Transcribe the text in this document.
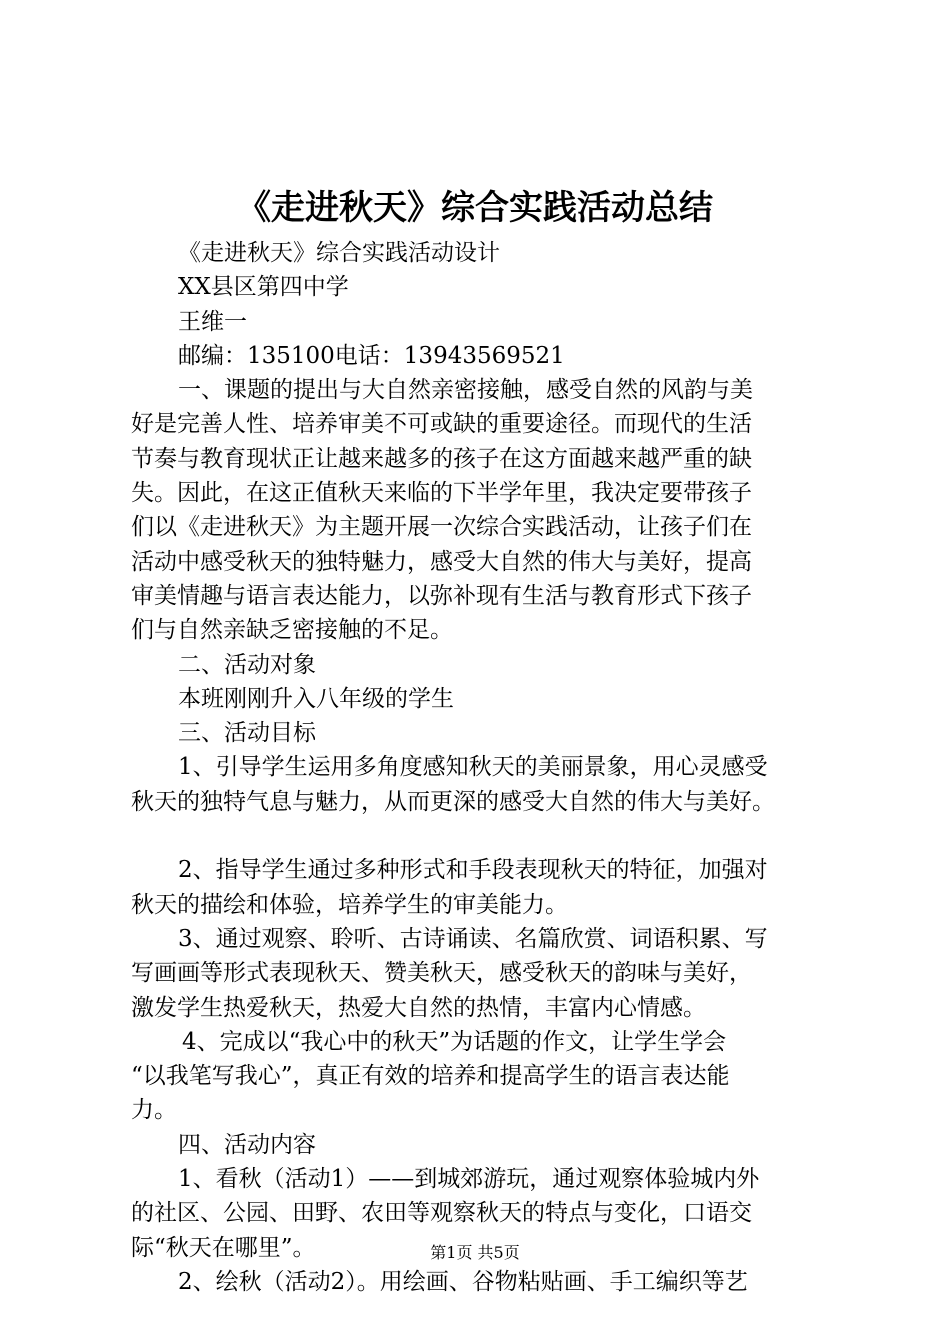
《走进秋天》综合实践活动总结
《走进秋天》综合实践活动设计
XX县区第四中学
王维一
邮编：135100电话：13943569521
一、课题的提出与大自然亲密接触，感受自然的风韵与美
好是完善人性、培养审美不可或缺的重要途径。而现代的生活
节奏与教育现状正让越来越多的孩子在这方面越来越严重的缺
失。因此，在这正值秋天来临的下半学年里，我决定要带孩子
们以《走进秋天》为主题开展一次综合实践活动，让孩子们在
活动中感受秋天的独特魅力，感受大自然的伟大与美好，提高
审美情趣与语言表达能力，以弥补现有生活与教育形式下孩子
们与自然亲缺乏密接触的不足。
二、活动对象
本班刚刚升入八年级的学生
三、活动目标
1、引导学生运用多角度感知秋天的美丽景象，用心灵感受
秋天的独特气息与魅力，从而更深的感受大自然的伟大与美好。
2、指导学生通过多种形式和手段表现秋天的特征，加强对
秋天的描绘和体验，培养学生的审美能力。
3、通过观察、聆听、古诗诵读、名篇欣赏、词语积累、写
写画画等形式表现秋天、赞美秋天，感受秋天的韵味与美好，
激发学生热爱秋天，热爱大自然的热情，丰富内心情感。
4、完成以“我心中的秋天”为话题的作文，让学生学会
“以我笔写我心”，真正有效的培养和提高学生的语言表达能
力。
四、活动内容
1、看秋（活动1）——到城郊游玩，通过观察体验城内外
的社区、公园、田野、农田等观察秋天的特点与变化，口语交
际“秋天在哪里”。
2、绘秋（活动2）。用绘画、谷物粘贴画、手工编织等艺
第1页 共5页
